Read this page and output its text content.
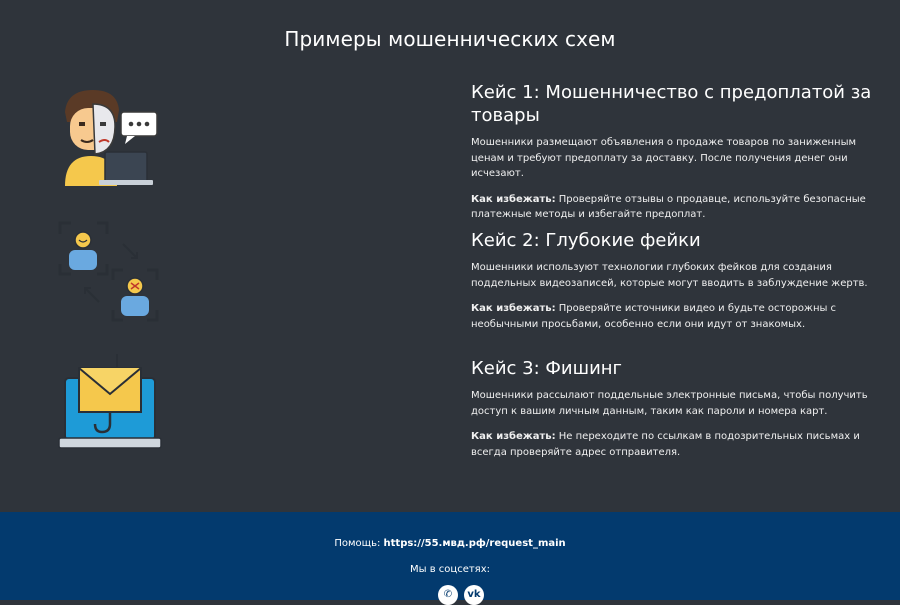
Примеры мошеннических схем
Кейс 1: Мошенничество с предоплатой за товары
Мошенники размещают объявления о продаже товаров по заниженным ценам и требуют предоплату за доставку. После получения денег они исчезают.
Как избежать: Проверяйте отзывы о продавце, используйте безопасные платежные методы и избегайте предоплат.
Кейс 2: Глубокие фейки
Мошенники используют технологии глубоких фейков для создания поддельных видеозаписей, которые могут вводить в заблуждение жертв.
Как избежать: Проверяйте источники видео и будьте осторожны с необычными просьбами, особенно если они идут от знакомых.
Кейс 3: Фишинг
Мошенники рассылают поддельные электронные письма, чтобы получить доступ к вашим личным данным, таким как пароли и номера карт.
Как избежать: Не переходите по ссылкам в подозрительных письмах и всегда проверяйте адрес отправителя.
Помощь: https://55.мвд.рф/request_main
Мы в соцсетях:
✆	vk
